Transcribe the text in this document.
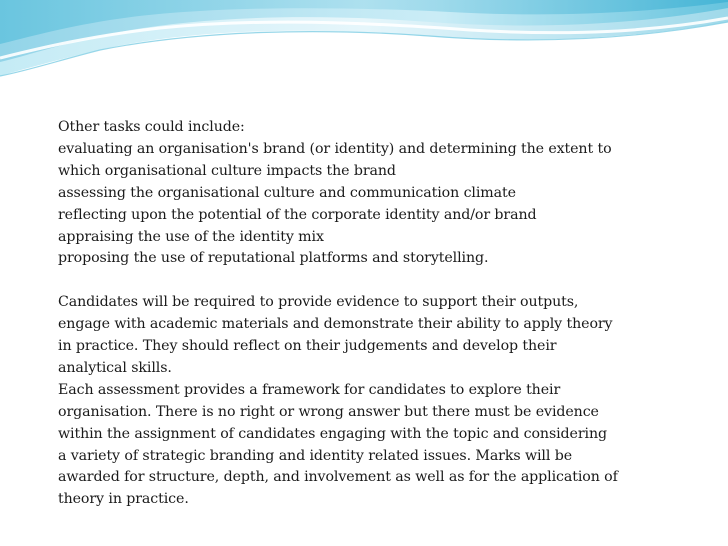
Other tasks could include:
evaluating an organisation's brand (or identity) and determining the extent to
which organisational culture impacts the brand
assessing the organisational culture and communication climate
reflecting upon the potential of the corporate identity and/or brand
appraising the use of the identity mix
proposing the use of reputational platforms and storytelling.
Candidates will be required to provide evidence to support their outputs,
engage with academic materials and demonstrate their ability to apply theory
in practice. They should reflect on their judgements and develop their
analytical skills.
Each assessment provides a framework for candidates to explore their
organisation. There is no right or wrong answer but there must be evidence
within the assignment of candidates engaging with the topic and considering
a variety of strategic branding and identity related issues. Marks will be
awarded for structure, depth, and involvement as well as for the application of
theory in practice.
